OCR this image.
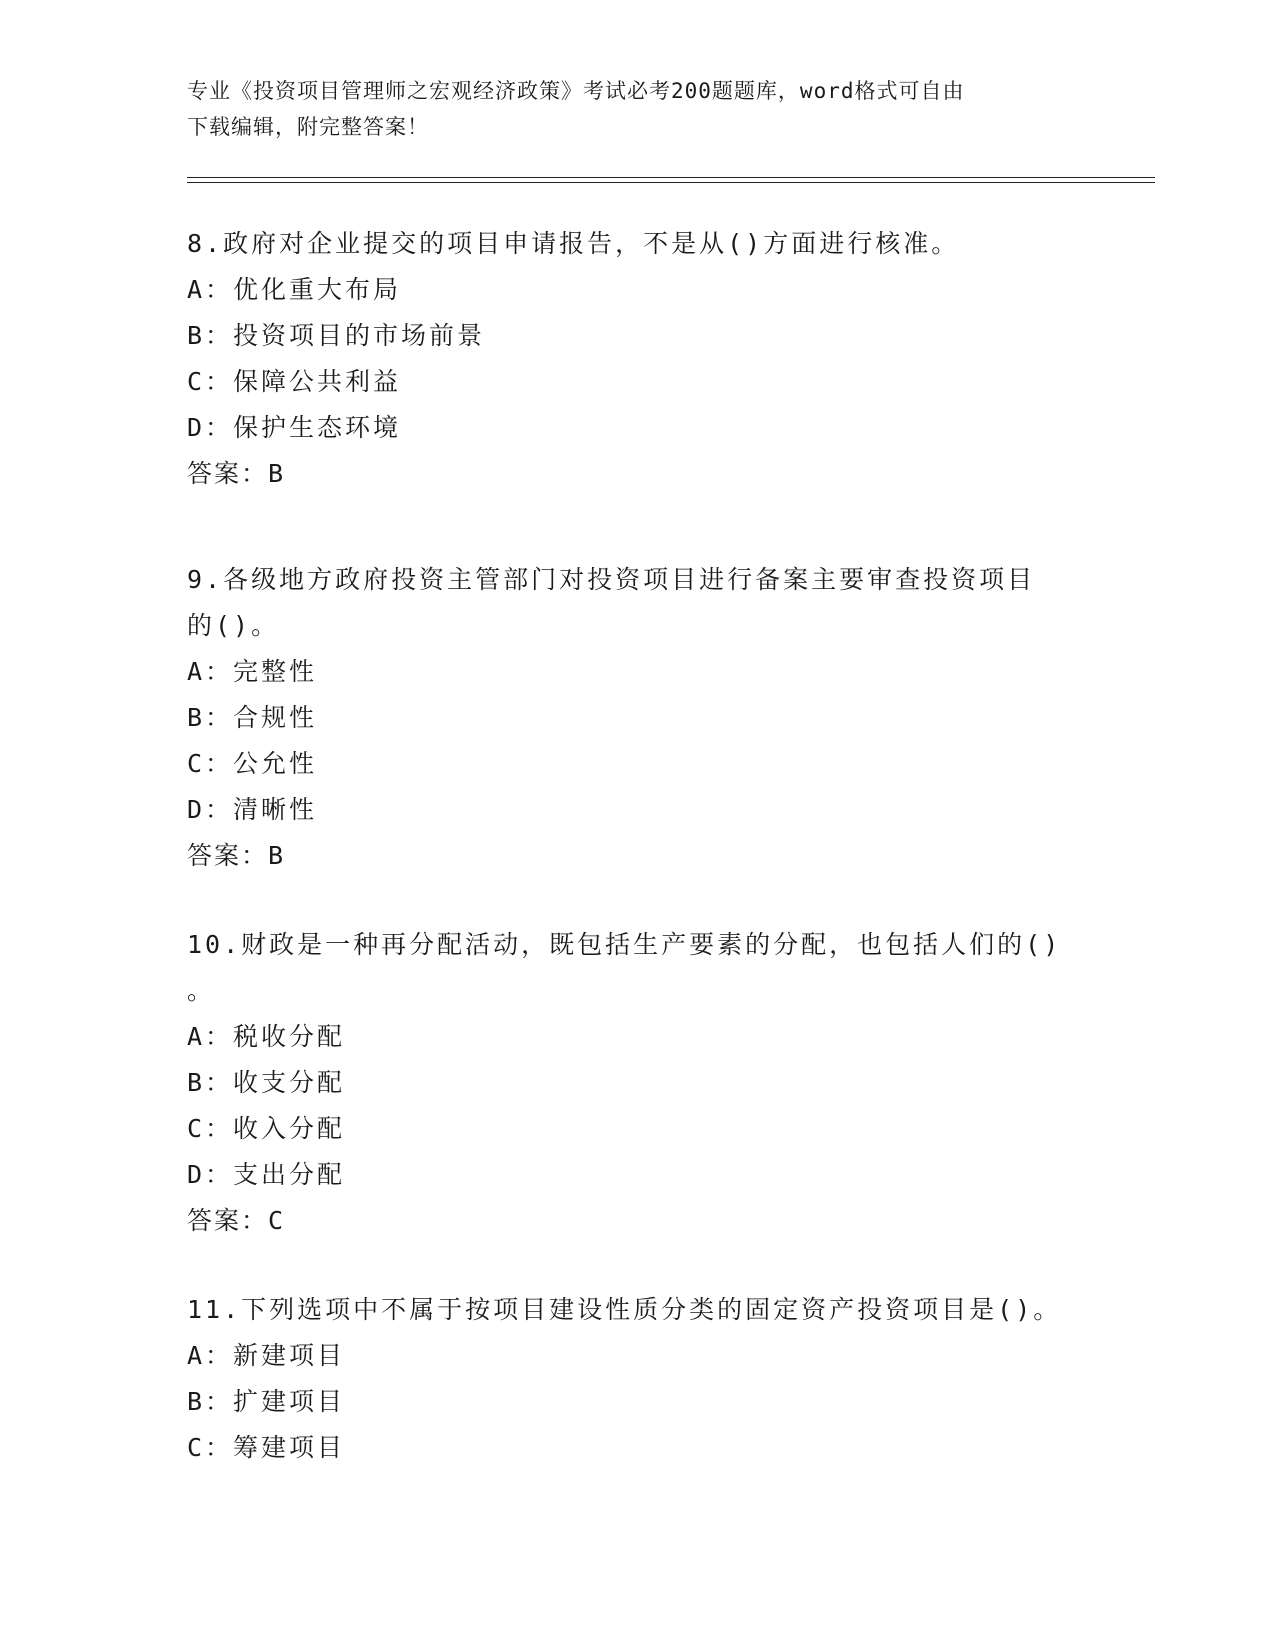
专业《投资项目管理师之宏观经济政策》考试必考200题题库，word格式可自由
下载编辑，附完整答案！
8.政府对企业提交的项目申请报告，不是从()方面进行核准。
A：优化重大布局
B：投资项目的市场前景
C：保障公共利益
D：保护生态环境
答案：B
9.各级地方政府投资主管部门对投资项目进行备案主要审查投资项目
的()。
A：完整性
B：合规性
C：公允性
D：清晰性
答案：B
10.财政是一种再分配活动，既包括生产要素的分配，也包括人们的()
。
A：税收分配
B：收支分配
C：收入分配
D：支出分配
答案：C
11.下列选项中不属于按项目建设性质分类的固定资产投资项目是()。
A：新建项目
B：扩建项目
C：筹建项目
